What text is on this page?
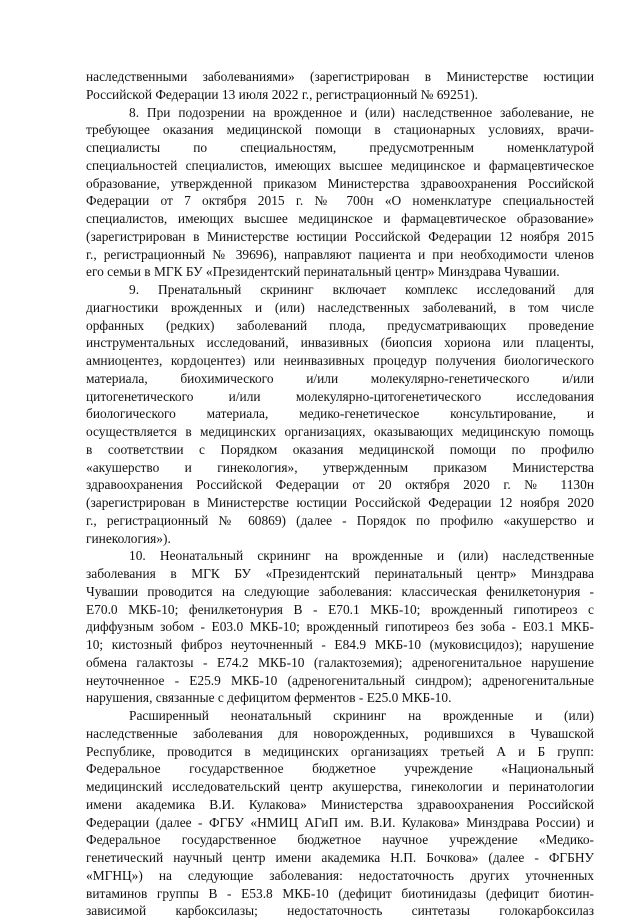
наследственными заболеваниями» (зарегистрирован в Министерстве юстиции
Российской Федерации 13 июля 2022 г., регистрационный № 69251).
8. При подозрении на врожденное и (или) наследственное заболевание, не
требующее оказания медицинской помощи в стационарных условиях, врачи-
специалисты по специальностям, предусмотренным номенклатурой
специальностей специалистов, имеющих высшее медицинское и фармацевтическое
образование, утвержденной приказом Министерства здравоохранения Российской
Федерации от 7 октября 2015 г. № 700н «О номенклатуре специальностей
специалистов, имеющих высшее медицинское и фармацевтическое образование»
(зарегистрирован в Министерстве юстиции Российской Федерации 12 ноября 2015
г., регистрационный № 39696), направляют пациента и при необходимости членов
его семьи в МГК БУ «Президентский перинатальный центр» Минздрава Чувашии.
9. Пренатальный скрининг включает комплекс исследований для
диагностики врожденных и (или) наследственных заболеваний, в том числе
орфанных (редких) заболеваний плода, предусматривающих проведение
инструментальных исследований, инвазивных (биопсия хориона или плаценты,
амниоцентез, кордоцентез) или неинвазивных процедур получения биологического
материала, биохимического и/или молекулярно-генетического и/или
цитогенетического и/или молекулярно-цитогенетического исследования
биологического материала, медико-генетическое консультирование, и
осуществляется в медицинских организациях, оказывающих медицинскую помощь
в соответствии с Порядком оказания медицинской помощи по профилю
«акушерство и гинекология», утвержденным приказом Министерства
здравоохранения Российской Федерации от 20 октября 2020 г. № 1130н
(зарегистрирован в Министерстве юстиции Российской Федерации 12 ноября 2020
г., регистрационный № 60869) (далее - Порядок по профилю «акушерство и
гинекология»).
10. Неонатальный скрининг на врожденные и (или) наследственные
заболевания в МГК БУ «Президентский перинатальный центр» Минздрава
Чувашии проводится на следующие заболевания: классическая фенилкетонурия -
E70.0 МКБ-10; фенилкетонурия B - E70.1 МКБ-10; врожденный гипотиреоз с
диффузным зобом - E03.0 МКБ-10; врожденный гипотиреоз без зоба - E03.1 МКБ-
10; кистозный фиброз неуточненный - E84.9 МКБ-10 (муковисцидоз); нарушение
обмена галактозы - E74.2 МКБ-10 (галактоземия); адреногенитальное нарушение
неуточненное - E25.9 МКБ-10 (адреногенитальный синдром); адреногенитальные
нарушения, связанные с дефицитом ферментов - E25.0 МКБ-10.
Расширенный неонатальный скрининг на врожденные и (или)
наследственные заболевания для новорожденных, родившихся в Чувашской
Республике, проводится в медицинских организациях третьей А и Б групп:
Федеральное государственное бюджетное учреждение «Национальный
медицинский исследовательский центр акушерства, гинекологии и перинатологии
имени академика В.И. Кулакова» Министерства здравоохранения Российской
Федерации (далее - ФГБУ «НМИЦ АГиП им. В.И. Кулакова» Минздрава России) и
Федеральное государственное бюджетное научное учреждение «Медико-
генетический научный центр имени академика Н.П. Бочкова» (далее - ФГБНУ
«МГНЦ») на следующие заболевания: недостаточность других уточненных
витаминов группы B - E53.8 МКБ-10 (дефицит биотинидазы (дефицит биотин-
зависимой карбоксилазы; недостаточность синтетазы голокарбоксилаз
